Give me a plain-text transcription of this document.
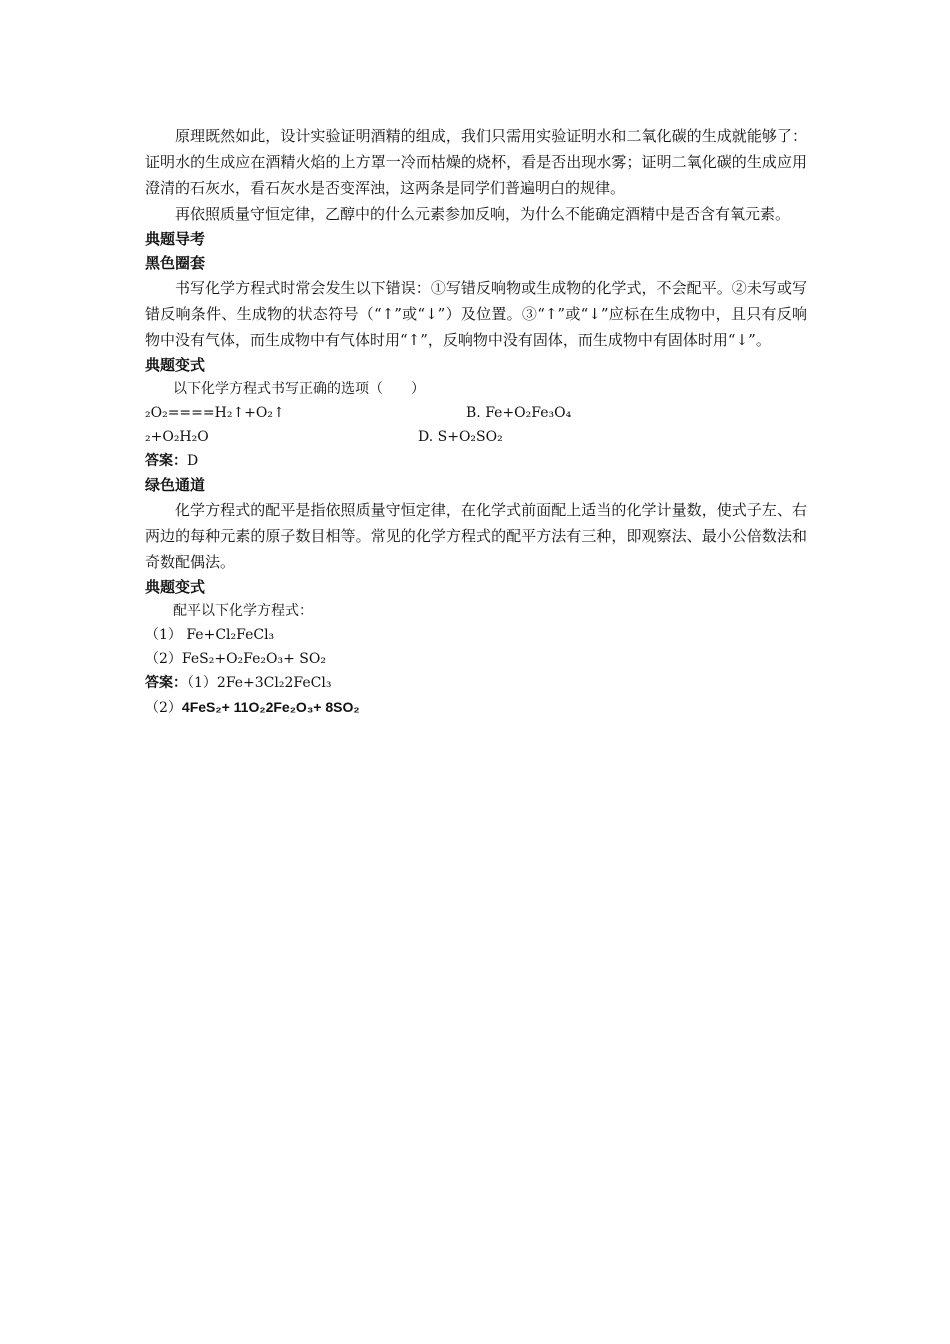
原理既然如此，设计实验证明酒精的组成，我们只需用实验证明水和二氧化碳的生成就能够了：证明水的生成应在酒精火焰的上方罩一冷而枯燥的烧杯，看是否出现水雾；证明二氧化碳的生成应用澄清的石灰水，看石灰水是否变浑浊，这两条是同学们普遍明白的规律。

再依照质量守恒定律，乙醇中的什么元素参加反响，为什么不能确定酒精中是否含有氧元素。

典题导考

黑色圈套

书写化学方程式时常会发生以下错误：①写错反响物或生成物的化学式，不会配平。②未写或写错反响条件、生成物的状态符号（“↑”或“↓”）及位置。③“↑”或“↓”应标在生成物中，且只有反响物中没有气体，而生成物中有气体时用“↑”，反响物中没有固体，而生成物中有固体时用“↓”。

典题变式

以下化学方程式书写正确的选项（　　）

₂O₂====H₂↑+O₂↑	B. Fe+O₂Fe₃O₄
₂+O₂H₂O	D. S+O₂SO₂

答案：D

绿色通道

化学方程式的配平是指依照质量守恒定律，在化学式前面配上适当的化学计量数，使式子左、右两边的每种元素的原子数目相等。常见的化学方程式的配平方法有三种，即观察法、最小公倍数法和奇数配偶法。

典题变式

配平以下化学方程式：

（1） Fe+Cl₂FeCl₃

（2）FeS₂+O₂Fe₂O₃+ SO₂

答案：（1）2Fe+3Cl₂2FeCl₃

（2）4FeS₂+ 11O₂2Fe₂O₃+ 8SO₂
